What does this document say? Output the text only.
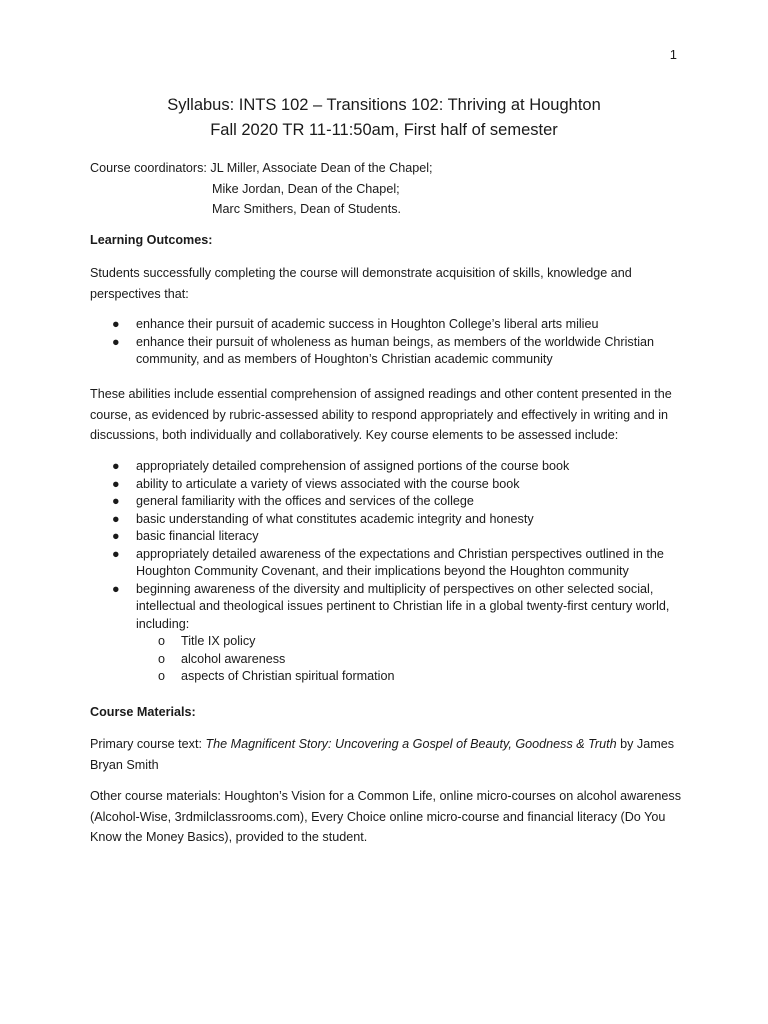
1
Syllabus: INTS 102 – Transitions 102: Thriving at Houghton
Fall 2020 TR 11-11:50am, First half of semester
Course coordinators: JL Miller, Associate Dean of the Chapel;
Mike Jordan, Dean of the Chapel;
Marc Smithers, Dean of Students.
Learning Outcomes:
Students successfully completing the course will demonstrate acquisition of skills, knowledge and perspectives that:
● enhance their pursuit of academic success in Houghton College’s liberal arts milieu
● enhance their pursuit of wholeness as human beings, as members of the worldwide Christian community, and as members of Houghton’s Christian academic community
These abilities include essential comprehension of assigned readings and other content presented in the course, as evidenced by rubric-assessed ability to respond appropriately and effectively in writing and in discussions, both individually and collaboratively. Key course elements to be assessed include:
● appropriately detailed comprehension of assigned portions of the course book
● ability to articulate a variety of views associated with the course book
● general familiarity with the offices and services of the college
● basic understanding of what constitutes academic integrity and honesty
● basic financial literacy
● appropriately detailed awareness of the expectations and Christian perspectives outlined in the Houghton Community Covenant, and their implications beyond the Houghton community
● beginning awareness of the diversity and multiplicity of perspectives on other selected social, intellectual and theological issues pertinent to Christian life in a global twenty-first century world, including:
o Title IX policy
o alcohol awareness
o aspects of Christian spiritual formation
Course Materials:
Primary course text: The Magnificent Story: Uncovering a Gospel of Beauty, Goodness & Truth by James Bryan Smith
Other course materials: Houghton’s Vision for a Common Life, online micro-courses on alcohol awareness (Alcohol-Wise, 3rdmilclassrooms.com), Every Choice online micro-course and financial literacy (Do You Know the Money Basics), provided to the student.
